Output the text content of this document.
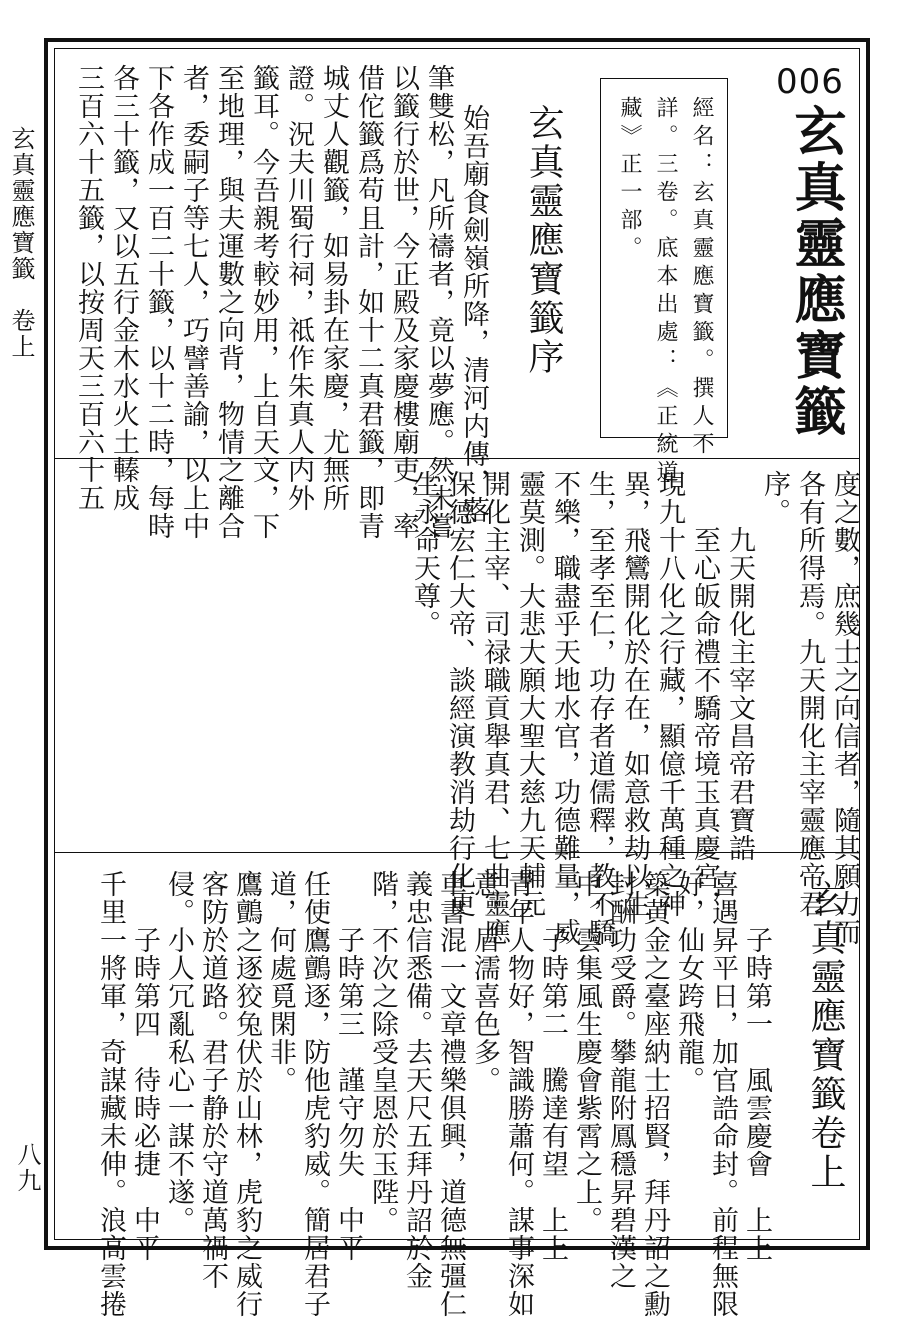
玄真靈應寶籤　卷上
八九
006
玄真靈應寶籤
經名：玄真靈應寶籤。撰人不
詳。三卷。底本出處：《正統道
藏》正一部。
玄真靈應寶籤序
始吾廟食劍嶺所降，清河内傳，落
筆雙松，凡所禱者，竟以夢應。然未嘗
以籤行於世，今正殿及家慶樓廟吏，率
借佗籤爲苟且計，如十二真君籤，即青
城丈人觀籤，如易卦在家慶，尤無所
證。況夫川蜀行祠，祗作朱真人内外
籤耳。今吾親考較妙用，上自天文，下
至地理，與夫運數之向背，物情之離合
者，委嗣子等七人，巧譬善諭，以上中
下各作成一百二十籤，以十二時，每時
各三十籤，又以五行金木水火土轃成
三百六十五籤，以按周天三百六十五
度之數，庶幾士之向信者，隨其願力而
各有所得焉。九天開化主宰靈應帝君
序。
　　九天開化主宰文昌帝君寶誥
　　至心皈命禮不驕帝境玉真慶宮，
現九十八化之行藏，顯億千萬種之神
異，飛鸞開化於在在，如意救劫以生
生，至孝至仁，功存者道儒釋，教不驕
不樂，職盡乎天地水官，功德難量，威
靈莫測。大悲大願大聖大慈九天輔元
開化主宰、司禄職貢舉真君、七曲靈應
保德宏仁大帝、談經演教消劫行化更
生永命天尊。
玄真靈應寶籤卷上
　　子時第一　風雲慶會　上上
喜遇昇平日，加官誥命封。前程無限
好，仙女跨飛龍。
築黄金之臺座納士招賢，拜丹詔之勳
封酬功受爵。攀龍附鳳穩昇碧漢之
中，雲集風生慶會紫霄之上。
　　子時第二　騰達有望　上上
青年人物好，智識勝蕭何。謀事深如
意，眉濡喜色多。
車書混一文章禮樂俱興，道德無彊仁
義忠信悉備。去天尺五拜丹詔於金
階，不次之除受皇恩於玉陛。
　　子時第三　謹守勿失　中平
任使鷹鸇逐，防他虎豹威。簡居君子
道，何處覓閑非。
鷹鸇之逐狡兔伏於山林，虎豹之威行
客防於道路。君子静於守道萬禍不
侵。小人冗亂私心一謀不遂。
　　子時第四　待時必捷　中平
千里一將軍，奇謀藏未伸。浪高雲捲
